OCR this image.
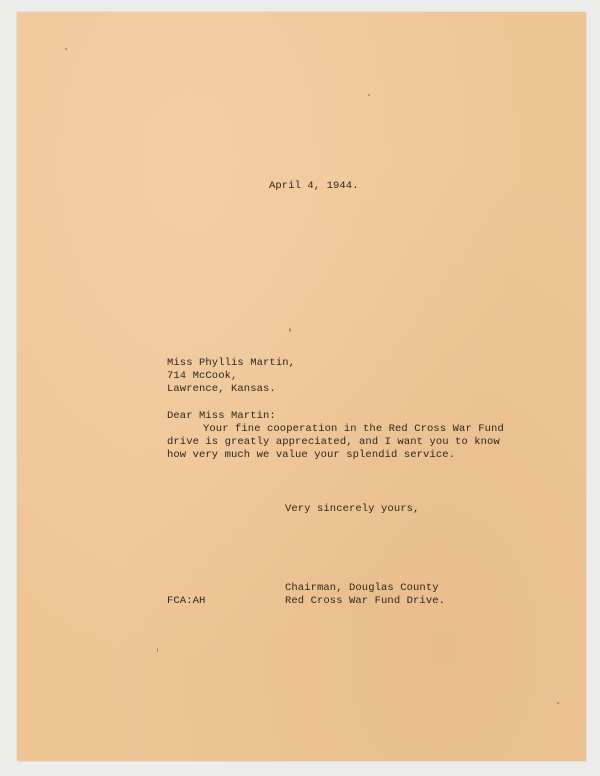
April 4, 1944.
Miss Phyllis Martin,
714 McCook,
Lawrence, Kansas.
Dear Miss Martin:
Your fine cooperation in the Red Cross War Fund
drive is greatly appreciated, and I want you to know
how very much we value your splendid service.
Very sincerely yours,
Chairman, Douglas County
Red Cross War Fund Drive.
FCA:AH
